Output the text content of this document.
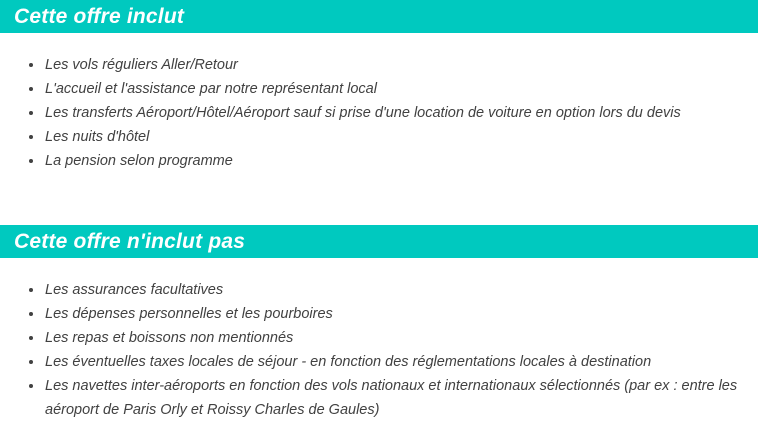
Cette offre inclut
• Les vols réguliers Aller/Retour
• L'accueil et l'assistance par notre représentant local
• Les transferts Aéroport/Hôtel/Aéroport sauf si prise d'une location de voiture en option lors du devis
• Les nuits d'hôtel
• La pension selon programme
Cette offre n'inclut pas
• Les assurances facultatives
• Les dépenses personnelles et les pourboires
• Les repas et boissons non mentionnés
• Les éventuelles taxes locales de séjour - en fonction des réglementations locales à destination
• Les navettes inter-aéroports en fonction des vols nationaux et internationaux sélectionnés (par ex : entre les aéroport de Paris Orly et Roissy Charles de Gaules)
